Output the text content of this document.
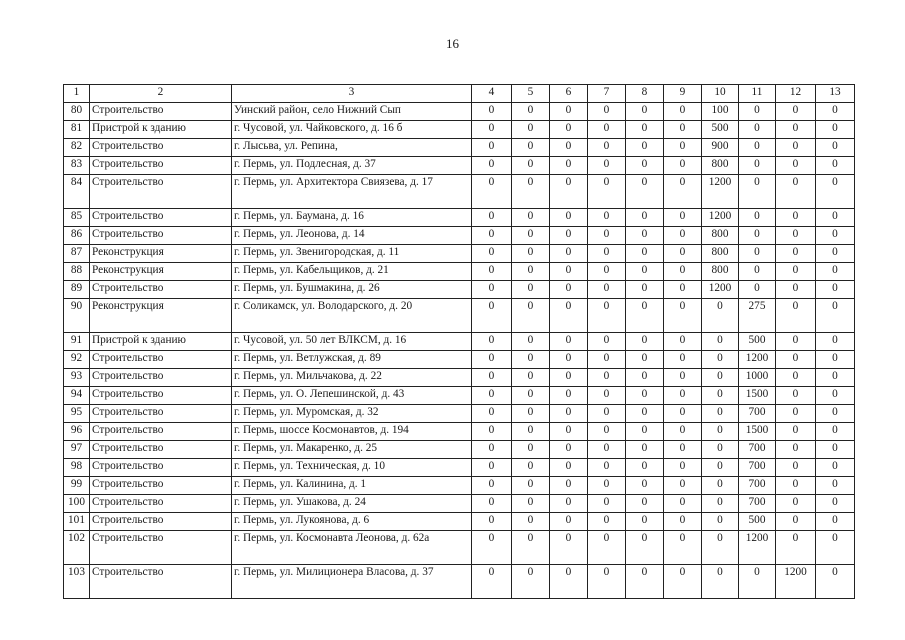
16
1	2	3	4	5	6	7	8	9	10	11	12	13
80	Строительство	Уинский район, село Нижний Сып	0	0	0	0	0	0	100	0	0	0
81	Пристрой к зданию	г. Чусовой, ул. Чайковского, д. 16 б	0	0	0	0	0	0	500	0	0	0
82	Строительство	г. Лысьва, ул. Репина,	0	0	0	0	0	0	900	0	0	0
83	Строительство	г. Пермь, ул. Подлесная, д. 37	0	0	0	0	0	0	800	0	0	0
84	Строительство	г. Пермь, ул. Архитектора Свиязева, д. 17	0	0	0	0	0	0	1200	0	0	0
85	Строительство	г. Пермь, ул. Баумана, д. 16	0	0	0	0	0	0	1200	0	0	0
86	Строительство	г. Пермь, ул. Леонова, д. 14	0	0	0	0	0	0	800	0	0	0
87	Реконструкция	г. Пермь, ул. Звенигородская, д. 11	0	0	0	0	0	0	800	0	0	0
88	Реконструкция	г. Пермь, ул. Кабельщиков, д. 21	0	0	0	0	0	0	800	0	0	0
89	Строительство	г. Пермь, ул. Бушмакина, д. 26	0	0	0	0	0	0	1200	0	0	0
90	Реконструкция	г. Соликамск, ул. Володарского, д. 20	0	0	0	0	0	0	0	275	0	0
91	Пристрой к зданию	г. Чусовой, ул. 50 лет ВЛКСМ, д. 16	0	0	0	0	0	0	0	500	0	0
92	Строительство	г. Пермь, ул. Ветлужская, д. 89	0	0	0	0	0	0	0	1200	0	0
93	Строительство	г. Пермь, ул. Мильчакова, д. 22	0	0	0	0	0	0	0	1000	0	0
94	Строительство	г. Пермь, ул. О. Лепешинской, д. 43	0	0	0	0	0	0	0	1500	0	0
95	Строительство	г. Пермь, ул. Муромская, д. 32	0	0	0	0	0	0	0	700	0	0
96	Строительство	г. Пермь, шоссе Космонавтов, д. 194	0	0	0	0	0	0	0	1500	0	0
97	Строительство	г. Пермь, ул. Макаренко, д. 25	0	0	0	0	0	0	0	700	0	0
98	Строительство	г. Пермь, ул. Техническая, д. 10	0	0	0	0	0	0	0	700	0	0
99	Строительство	г. Пермь, ул. Калинина, д. 1	0	0	0	0	0	0	0	700	0	0
100	Строительство	г. Пермь, ул. Ушакова, д. 24	0	0	0	0	0	0	0	700	0	0
101	Строительство	г. Пермь, ул. Лукоянова, д. 6	0	0	0	0	0	0	0	500	0	0
102	Строительство	г. Пермь, ул. Космонавта Леонова, д. 62а	0	0	0	0	0	0	0	1200	0	0
103	Строительство	г. Пермь, ул. Милиционера Власова, д. 37	0	0	0	0	0	0	0	0	1200	0
